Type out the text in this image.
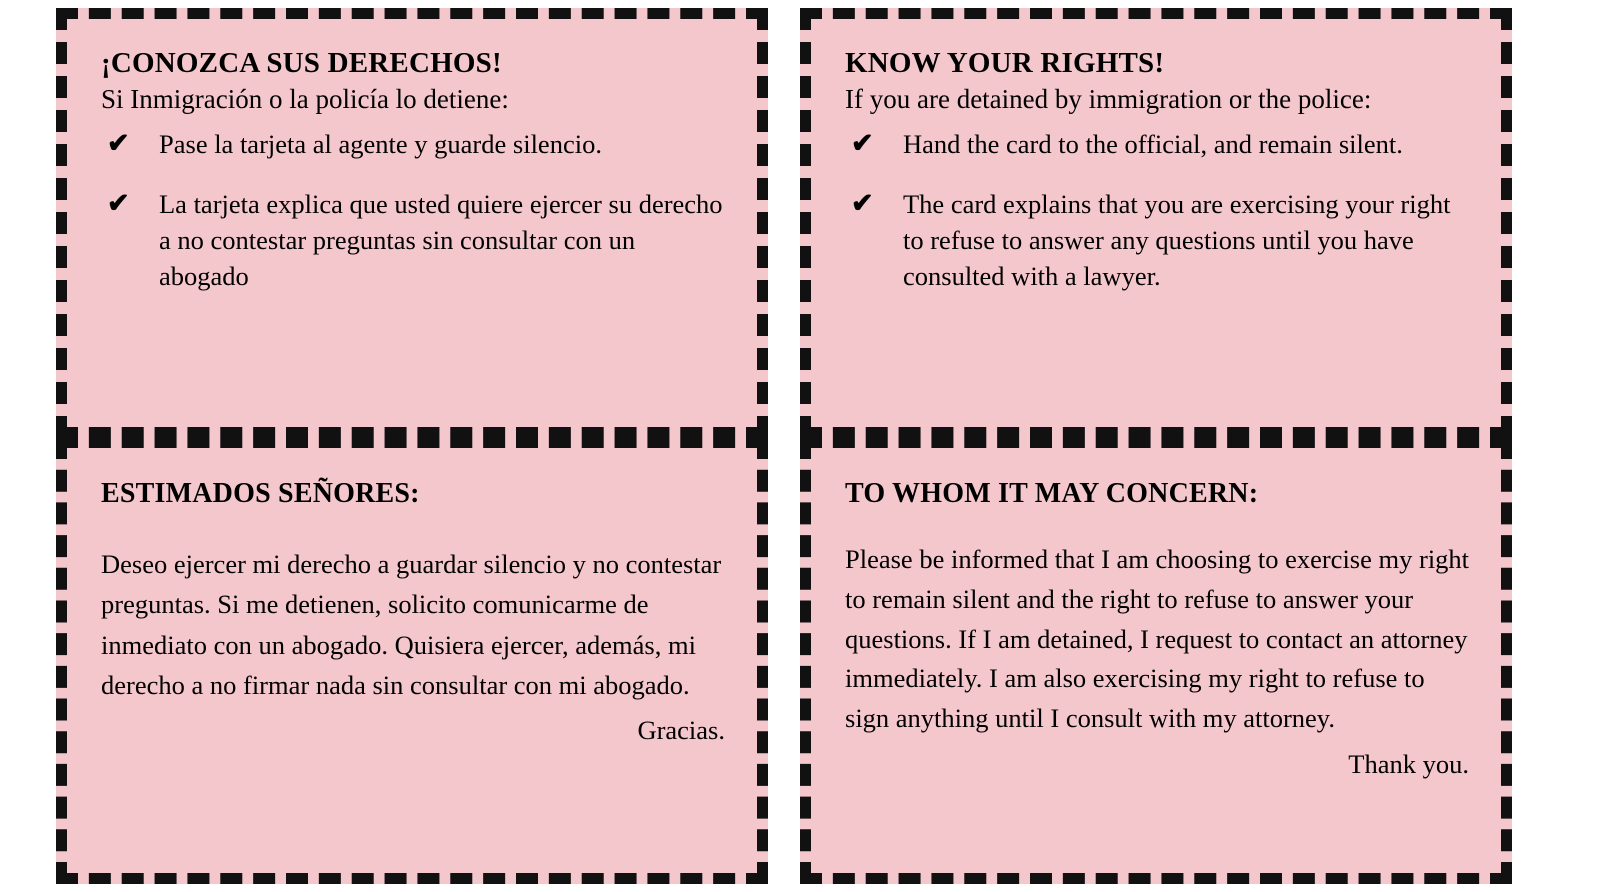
¡CONOZCA SUS DERECHOS!
Si Inmigración o la policía lo detiene:
✔ Pase la tarjeta al agente y guarde silencio.
✔ La tarjeta explica que usted quiere ejercer su derecho a no contestar preguntas sin consultar con un abogado
KNOW YOUR RIGHTS!
If you are detained by immigration or the police:
✔ Hand the card to the official, and remain silent.
✔ The card explains that you are exercising your right to refuse to answer any questions until you have consulted with a lawyer.
ESTIMADOS SEÑORES:
Deseo ejercer mi derecho a guardar silencio y no contestar preguntas. Si me detienen, solicito comunicarme de inmediato con un abogado. Quisiera ejercer, además, mi derecho a no firmar nada sin consultar con mi abogado.
Gracias.
TO WHOM IT MAY CONCERN:
Please be informed that I am choosing to exercise my right to remain silent and the right to refuse to answer your questions. If I am detained, I request to contact an attorney immediately. I am also exercising my right to refuse to sign anything until I consult with my attorney.
Thank you.
